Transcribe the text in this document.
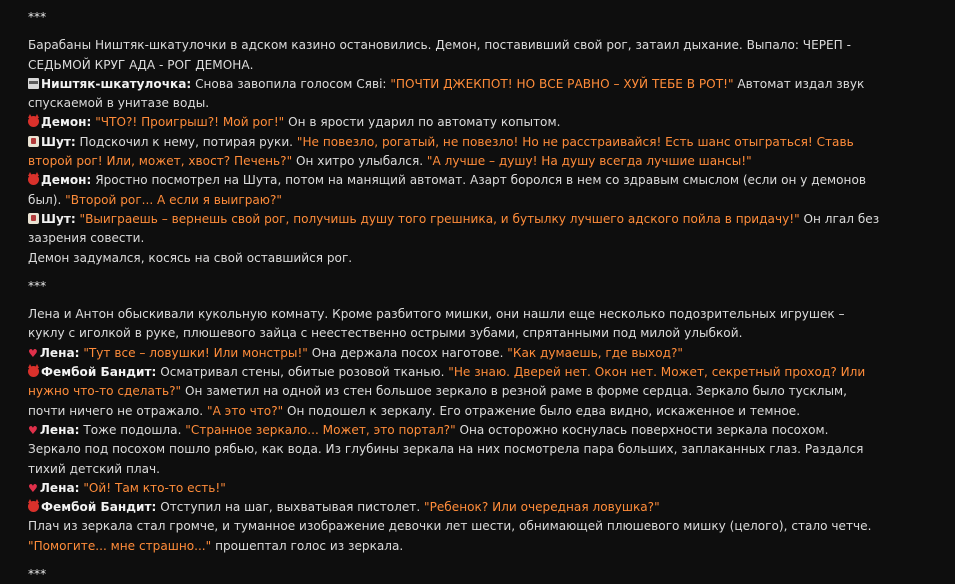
***

Барабаны Ништяк-шкатулочки в адском казино остановились. Демон, поставивший свой рог, затаил дыхание. Выпало: ЧЕРЕП - СЕДЬМОЙ КРУГ АДА - РОГ ДЕМОНА.

Ништяк-шкатулочка: Снова завопила голосом Сяві: "ПОЧТИ ДЖЕКПОТ! НО ВСЕ РАВНО – ХУЙ ТЕБЕ В РОТ!" Автомат издал звук спускаемой в унитазе воды.

Демон: "ЧТО?! Проигрыш?! Мой рог!" Он в ярости ударил по автомату копытом.

Шут: Подскочил к нему, потирая руки. "Не повезло, рогатый, не повезло! Но не расстраивайся! Есть шанс отыграться! Ставь второй рог! Или, может, хвост? Печень?" Он хитро улыбался. "А лучше – душу! На душу всегда лучшие шансы!"

Демон: Яростно посмотрел на Шута, потом на манящий автомат. Азарт боролся в нем со здравым смыслом (если он у демонов был). "Второй рог... А если я выиграю?"

Шут: "Выиграешь – вернешь свой рог, получишь душу того грешника, и бутылку лучшего адского пойла в придачу!" Он лгал без зазрения совести.

Демон задумался, косясь на свой оставшийся рог.

***

Лена и Антон обыскивали кукольную комнату. Кроме разбитого мишки, они нашли еще несколько подозрительных игрушек – куклу с иголкой в руке, плюшевого зайца с неестественно острыми зубами, спрятанными под милой улыбкой.

♥ Лена: "Тут все – ловушки! Или монстры!" Она держала посох наготове. "Как думаешь, где выход?"

Фембой Бандит: Осматривал стены, обитые розовой тканью. "Не знаю. Дверей нет. Окон нет. Может, секретный проход? Или нужно что-то сделать?" Он заметил на одной из стен большое зеркало в резной раме в форме сердца. Зеркало было тусклым, почти ничего не отражало. "А это что?" Он подошел к зеркалу. Его отражение было едва видно, искаженное и темное.

♥ Лена: Тоже подошла. "Странное зеркало... Может, это портал?" Она осторожно коснулась поверхности зеркала посохом. Зеркало под посохом пошло рябью, как вода. Из глубины зеркала на них посмотрела пара больших, заплаканных глаз. Раздался тихий детский плач.

♥ Лена: "Ой! Там кто-то есть!"

Фембой Бандит: Отступил на шаг, выхватывая пистолет. "Ребенок? Или очередная ловушка?"

Плач из зеркала стал громче, и туманное изображение девочки лет шести, обнимающей плюшевого мишку (целого), стало четче.

"Помогите... мне страшно..." прошептал голос из зеркала.

***
